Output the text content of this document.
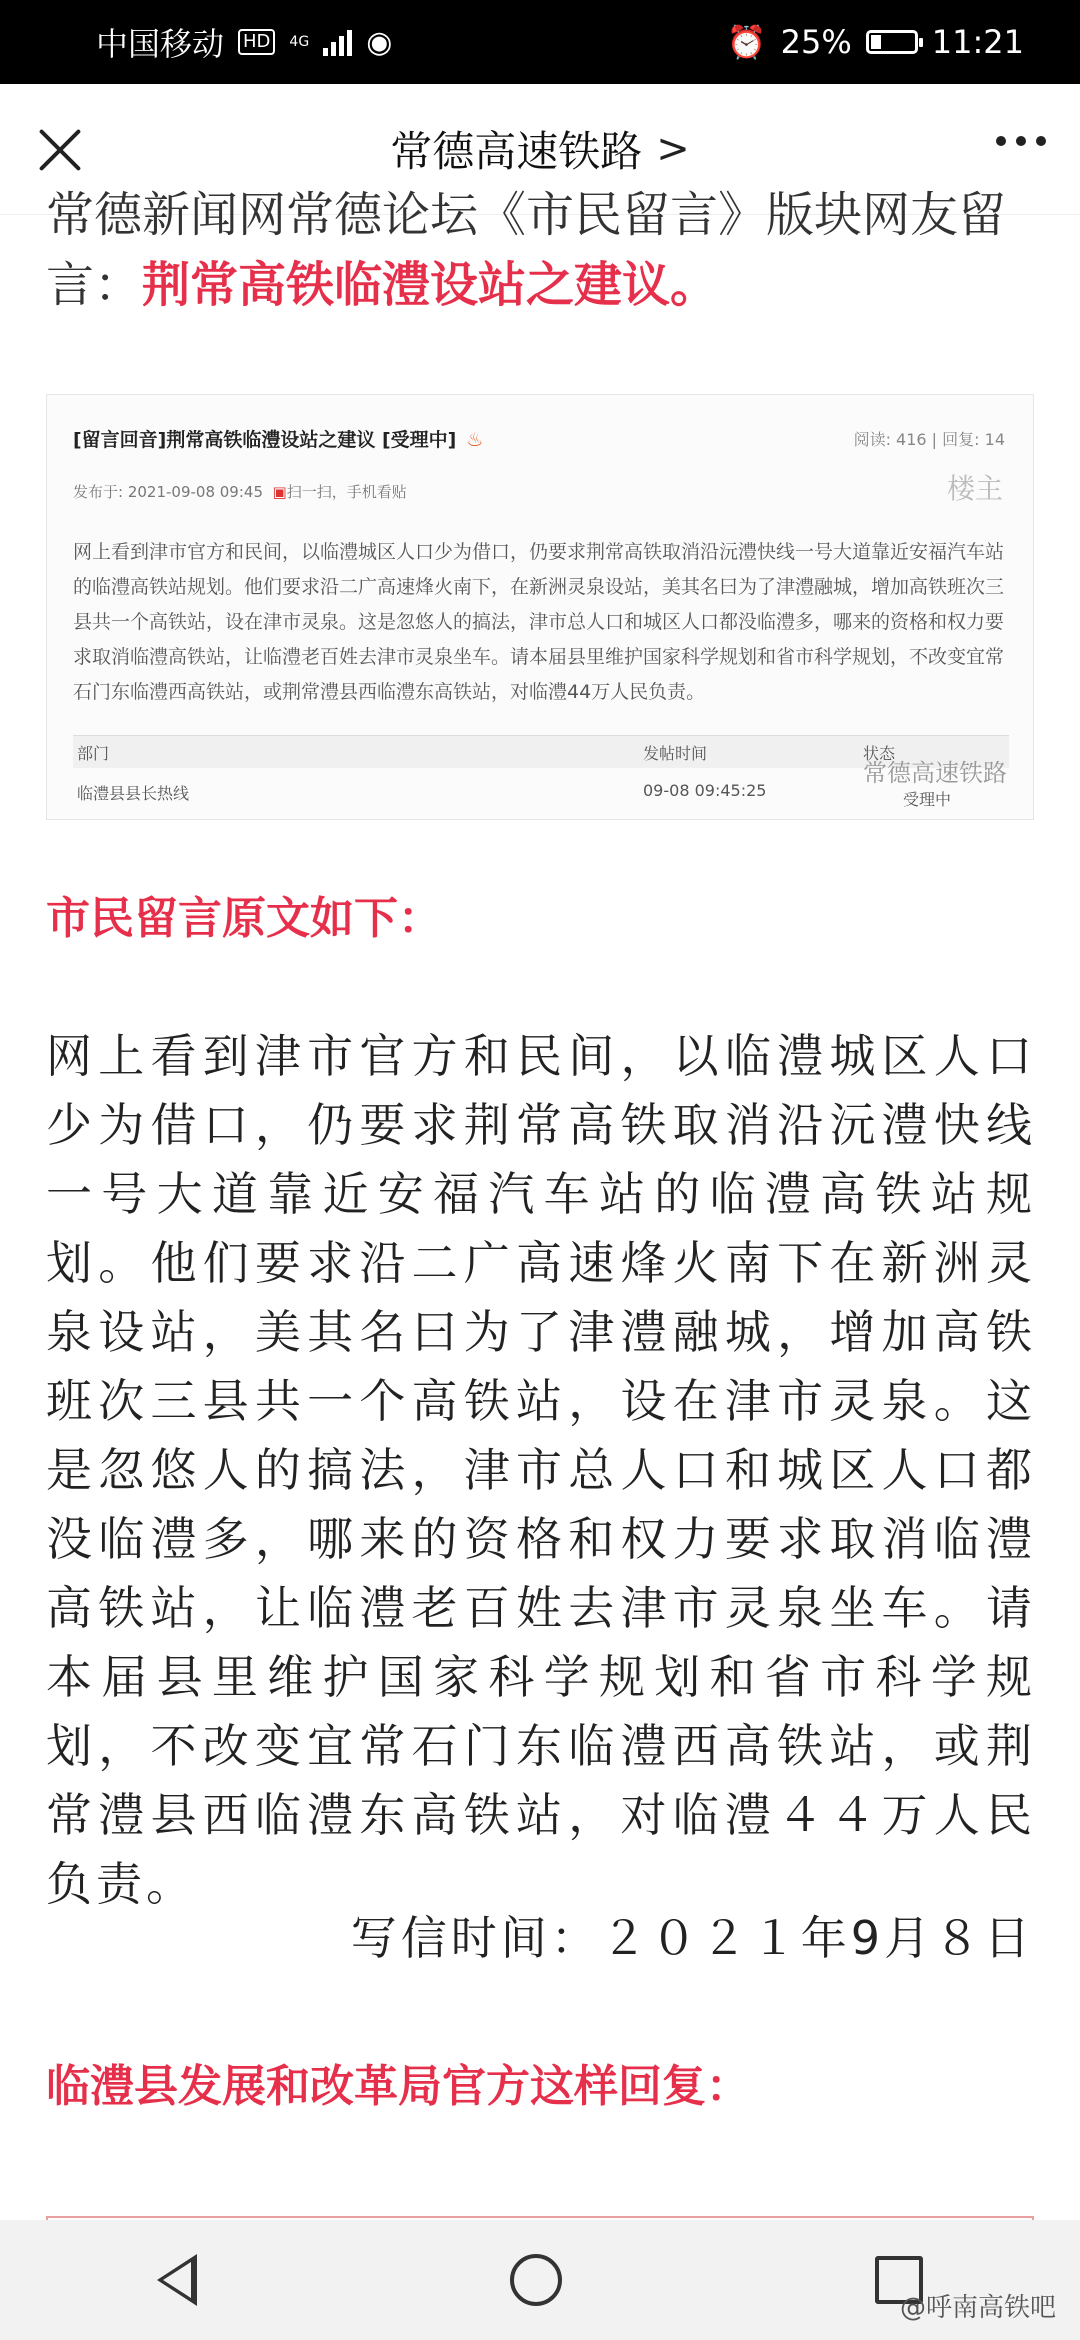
中国移动 HD	4G ◉	⏰ 25%	11:21
常德高速铁路 >
常德新闻网常德论坛《市民留言》版块网友留言：荆常高铁临澧设站之建议。
[留言回音]荆常高铁临澧设站之建议 [受理中] ♨	阅读: 416 | 回复: 14
发布于: 2021-09-08 09:45 ▣扫一扫，手机看贴	楼主
网上看到津市官方和民间，以临澧城区人口少为借口，仍要求荆常高铁取消沿沅澧快线一号大道靠近安福汽车站的临澧高铁站规划。他们要求沿二广高速烽火南下，在新洲灵泉设站，美其名曰为了津澧融城，增加高铁班次三县共一个高铁站，设在津市灵泉。这是忽悠人的搞法，津市总人口和城区人口都没临澧多，哪来的资格和权力要求取消临澧高铁站，让临澧老百姓去津市灵泉坐车。请本届县里维护国家科学规划和省市科学规划，不改变宜常石门东临澧西高铁站，或荆常澧县西临澧东高铁站，对临澧44万人民负责。
部门	发帖时间	状态
临澧县县长热线	09-08 09:45:25	受理中
常德高速铁路
市民留言原文如下：
网上看到津市官方和民间，以临澧城区人口少为借口，仍要求荆常高铁取消沿沅澧快线一号大道靠近安福汽车站的临澧高铁站规划。他们要求沿二广高速烽火南下在新洲灵泉设站，美其名曰为了津澧融城，增加高铁班次三县共一个高铁站，设在津市灵泉。这是忽悠人的搞法，津市总人口和城区人口都没临澧多，哪来的资格和权力要求取消临澧高铁站，让临澧老百姓去津市灵泉坐车。请本届县里维护国家科学规划和省市科学规划，不改变宜常石门东临澧西高铁站，或荆常澧县西临澧东高铁站，对临澧４４万人民负责。
写信时间：２０２１年9月８日
临澧县发展和改革局官方这样回复：
@呼南高铁吧
